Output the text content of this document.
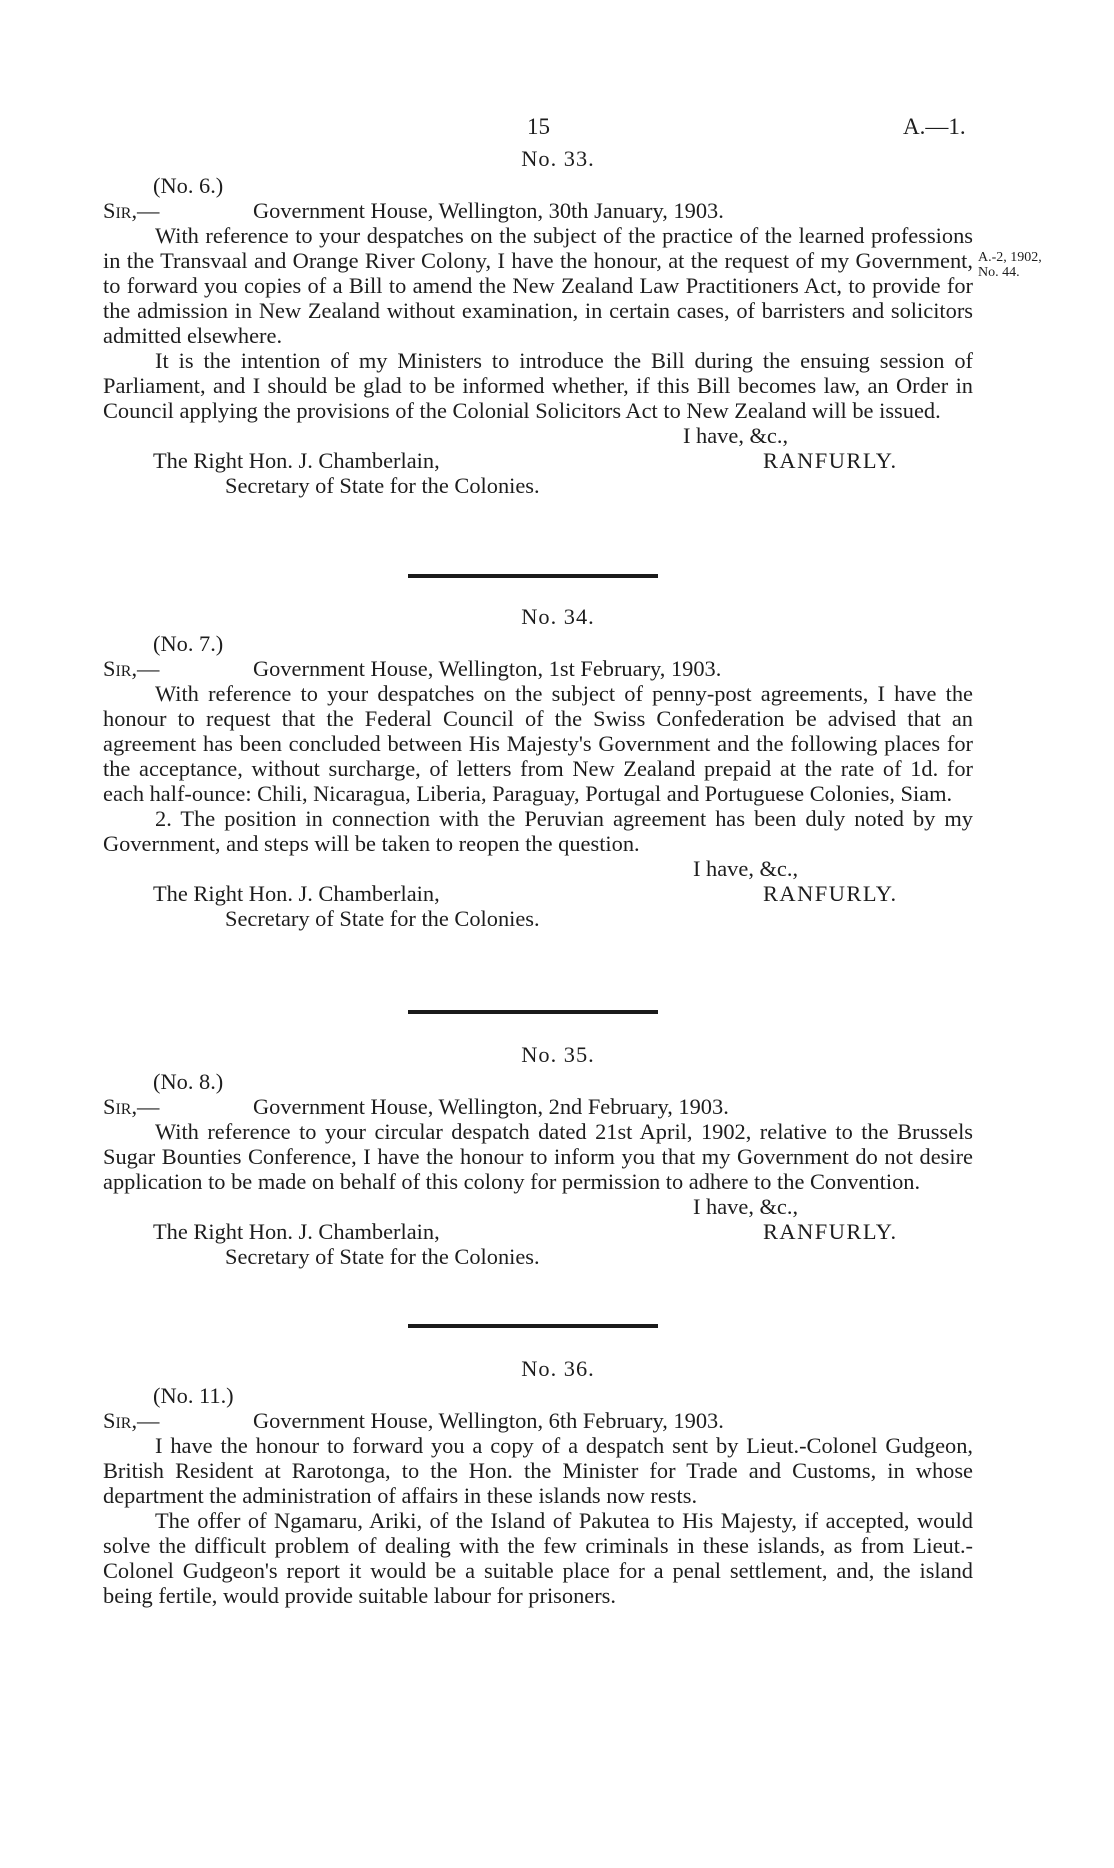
15	A.—1.
A.-2, 1902,
No. 44.
No. 33.
(No. 6.)
Sir,—	Government House, Wellington, 30th January, 1903.

With reference to your despatches on the subject of the practice of the learned professions in the Transvaal and Orange River Colony, I have the honour, at the request of my Government, to forward you copies of a Bill to amend the New Zealand Law Practitioners Act, to provide for the admission in New Zealand without examination, in certain cases, of barristers and solicitors admitted elsewhere.

It is the intention of my Ministers to introduce the Bill during the ensuing session of Parliament, and I should be glad to be informed whether, if this Bill becomes law, an Order in Council applying the provisions of the Colonial Solicitors Act to New Zealand will be issued.

I have, &c.,
The Right Hon. J. Chamberlain,	RANFURLY.
Secretary of State for the Colonies.
No. 34.
(No. 7.)
Sir,—	Government House, Wellington, 1st February, 1903.

With reference to your despatches on the subject of penny-post agreements, I have the honour to request that the Federal Council of the Swiss Confederation be advised that an agreement has been concluded between His Majesty's Government and the following places for the acceptance, without surcharge, of letters from New Zealand prepaid at the rate of 1d. for each half-ounce: Chili, Nicaragua, Liberia, Paraguay, Portugal and Portuguese Colonies, Siam.

2. The position in connection with the Peruvian agreement has been duly noted by my Government, and steps will be taken to reopen the question.

I have, &c.,
The Right Hon. J. Chamberlain,	RANFURLY.
Secretary of State for the Colonies.
No. 35.
(No. 8.)
Sir,—	Government House, Wellington, 2nd February, 1903.

With reference to your circular despatch dated 21st April, 1902, relative to the Brussels Sugar Bounties Conference, I have the honour to inform you that my Government do not desire application to be made on behalf of this colony for permission to adhere to the Convention.

I have, &c.,
The Right Hon. J. Chamberlain,	RANFURLY.
Secretary of State for the Colonies.
No. 36.
(No. 11.)
Sir,—	Government House, Wellington, 6th February, 1903.

I have the honour to forward you a copy of a despatch sent by Lieut.-Colonel Gudgeon, British Resident at Rarotonga, to the Hon. the Minister for Trade and Customs, in whose department the administration of affairs in these islands now rests.

The offer of Ngamaru, Ariki, of the Island of Pakutea to His Majesty, if accepted, would solve the difficult problem of dealing with the few criminals in these islands, as from Lieut.-Colonel Gudgeon's report it would be a suitable place for a penal settlement, and, the island being fertile, would provide suitable labour for prisoners.
